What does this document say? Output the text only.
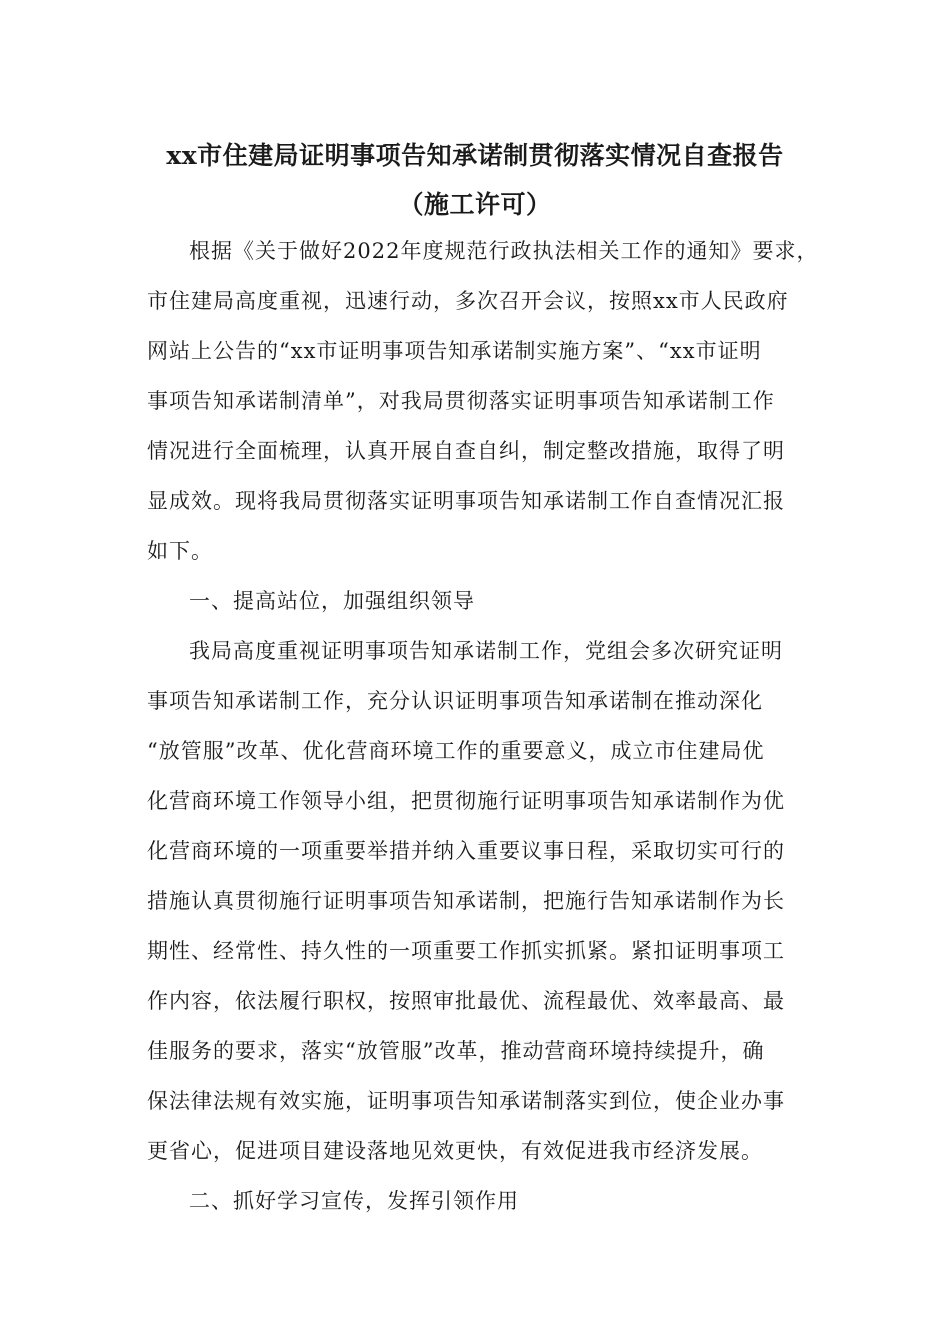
xx市住建局证明事项告知承诺制贯彻落实情况自查报告
（施工许可）
根据《关于做好2022年度规范行政执法相关工作的通知》要求，
市住建局高度重视，迅速行动，多次召开会议，按照xx市人民政府
网站上公告的“xx市证明事项告知承诺制实施方案”、“xx市证明
事项告知承诺制清单”，对我局贯彻落实证明事项告知承诺制工作
情况进行全面梳理，认真开展自查自纠，制定整改措施，取得了明
显成效。现将我局贯彻落实证明事项告知承诺制工作自查情况汇报
如下。
一、提高站位，加强组织领导
我局高度重视证明事项告知承诺制工作，党组会多次研究证明
事项告知承诺制工作，充分认识证明事项告知承诺制在推动深化
“放管服”改革、优化营商环境工作的重要意义，成立市住建局优
化营商环境工作领导小组，把贯彻施行证明事项告知承诺制作为优
化营商环境的一项重要举措并纳入重要议事日程，采取切实可行的
措施认真贯彻施行证明事项告知承诺制，把施行告知承诺制作为长
期性、经常性、持久性的一项重要工作抓实抓紧。紧扣证明事项工
作内容，依法履行职权，按照审批最优、流程最优、效率最高、最
佳服务的要求，落实“放管服”改革，推动营商环境持续提升，确
保法律法规有效实施，证明事项告知承诺制落实到位，使企业办事
更省心，促进项目建设落地见效更快，有效促进我市经济发展。
二、抓好学习宣传，发挥引领作用
